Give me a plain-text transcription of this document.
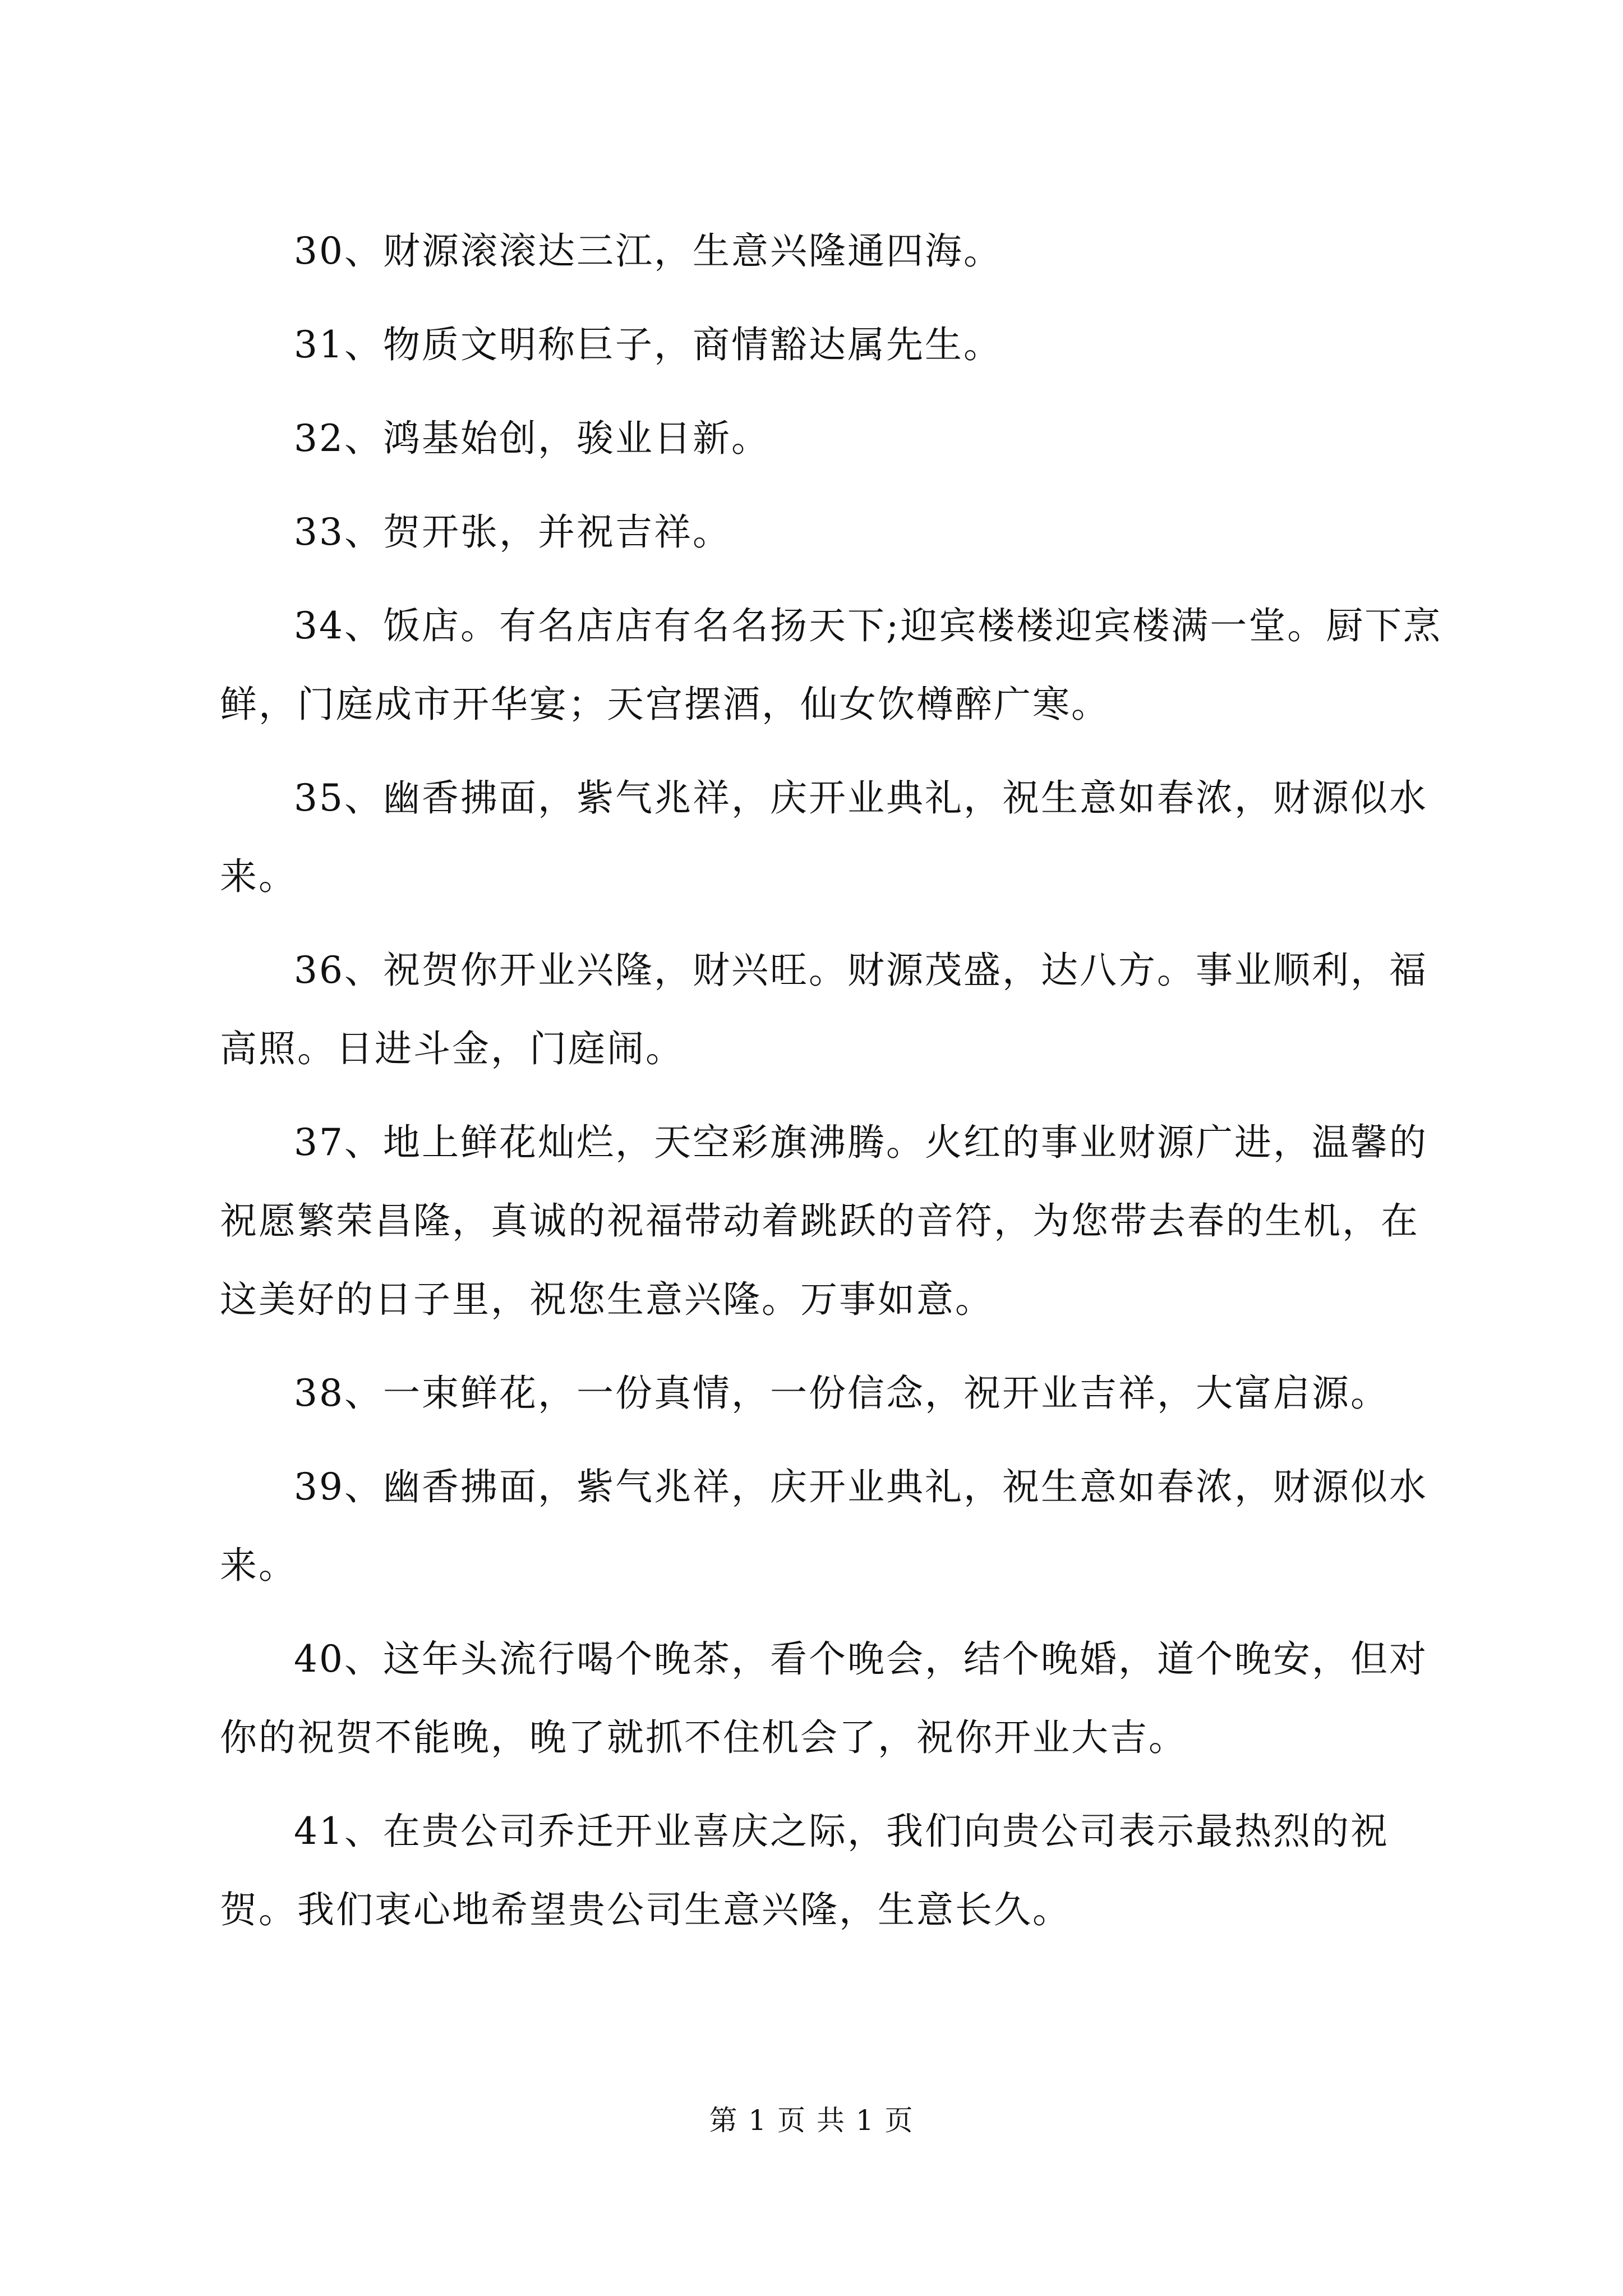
30、财源滚滚达三江，生意兴隆通四海。

31、物质文明称巨子，商情豁达属先生。

32、鸿基始创，骏业日新。

33、贺开张，并祝吉祥。

34、饭店。有名店店有名名扬天下;迎宾楼楼迎宾楼满一堂。厨下烹鲜，门庭成市开华宴；天宫摆酒，仙女饮樽醉广寒。

35、幽香拂面，紫气兆祥，庆开业典礼，祝生意如春浓，财源似水来。

36、祝贺你开业兴隆，财兴旺。财源茂盛，达八方。事业顺利，福高照。日进斗金，门庭闹。

37、地上鲜花灿烂，天空彩旗沸腾。火红的事业财源广进，温馨的祝愿繁荣昌隆，真诚的祝福带动着跳跃的音符，为您带去春的生机，在这美好的日子里，祝您生意兴隆。万事如意。

38、一束鲜花，一份真情，一份信念，祝开业吉祥，大富启源。

39、幽香拂面，紫气兆祥，庆开业典礼，祝生意如春浓，财源似水来。

40、这年头流行喝个晚茶，看个晚会，结个晚婚，道个晚安，但对你的祝贺不能晚，晚了就抓不住机会了，祝你开业大吉。

41、在贵公司乔迁开业喜庆之际，我们向贵公司表示最热烈的祝贺。我们衷心地希望贵公司生意兴隆，生意长久。

第 1 页 共 1 页
